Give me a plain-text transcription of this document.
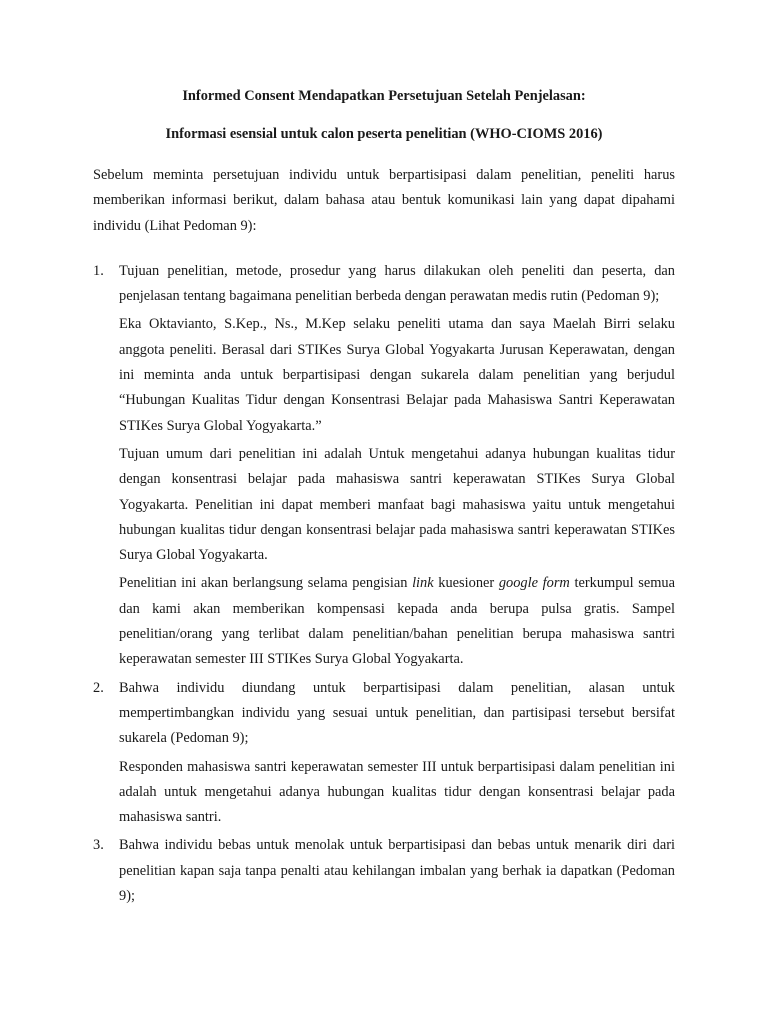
Informed Consent Mendapatkan Persetujuan Setelah Penjelasan:

Informasi esensial untuk calon peserta penelitian (WHO-CIOMS 2016)

Sebelum meminta persetujuan individu untuk berpartisipasi dalam penelitian, peneliti harus memberikan informasi berikut, dalam bahasa atau bentuk komunikasi lain yang dapat dipahami individu (Lihat Pedoman 9):

1. Tujuan penelitian, metode, prosedur yang harus dilakukan oleh peneliti dan peserta, dan penjelasan tentang bagaimana penelitian berbeda dengan perawatan medis rutin (Pedoman 9);

Eka Oktavianto, S.Kep., Ns., M.Kep selaku peneliti utama dan saya Maelah Birri selaku anggota peneliti. Berasal dari STIKes Surya Global Yogyakarta Jurusan Keperawatan, dengan ini meminta anda untuk berpartisipasi dengan sukarela dalam penelitian yang berjudul “Hubungan Kualitas Tidur dengan Konsentrasi Belajar pada Mahasiswa Santri Keperawatan STIKes Surya Global Yogyakarta.”

Tujuan umum dari penelitian ini adalah Untuk mengetahui adanya hubungan kualitas tidur dengan konsentrasi belajar pada mahasiswa santri keperawatan STIKes Surya Global Yogyakarta. Penelitian ini dapat memberi manfaat bagi mahasiswa yaitu untuk mengetahui hubungan kualitas tidur dengan konsentrasi belajar pada mahasiswa santri keperawatan STIKes Surya Global Yogyakarta.

Penelitian ini akan berlangsung selama pengisian link kuesioner google form terkumpul semua dan kami akan memberikan kompensasi kepada anda berupa pulsa gratis. Sampel penelitian/orang yang terlibat dalam penelitian/bahan penelitian berupa mahasiswa santri keperawatan semester III STIKes Surya Global Yogyakarta.

2. Bahwa individu diundang untuk berpartisipasi dalam penelitian, alasan untuk mempertimbangkan individu yang sesuai untuk penelitian, dan partisipasi tersebut bersifat sukarela (Pedoman 9);

Responden mahasiswa santri keperawatan semester III untuk berpartisipasi dalam penelitian ini adalah untuk mengetahui adanya hubungan kualitas tidur dengan konsentrasi belajar pada mahasiswa santri.

3. Bahwa individu bebas untuk menolak untuk berpartisipasi dan bebas untuk menarik diri dari penelitian kapan saja tanpa penalti atau kehilangan imbalan yang berhak ia dapatkan (Pedoman 9);
